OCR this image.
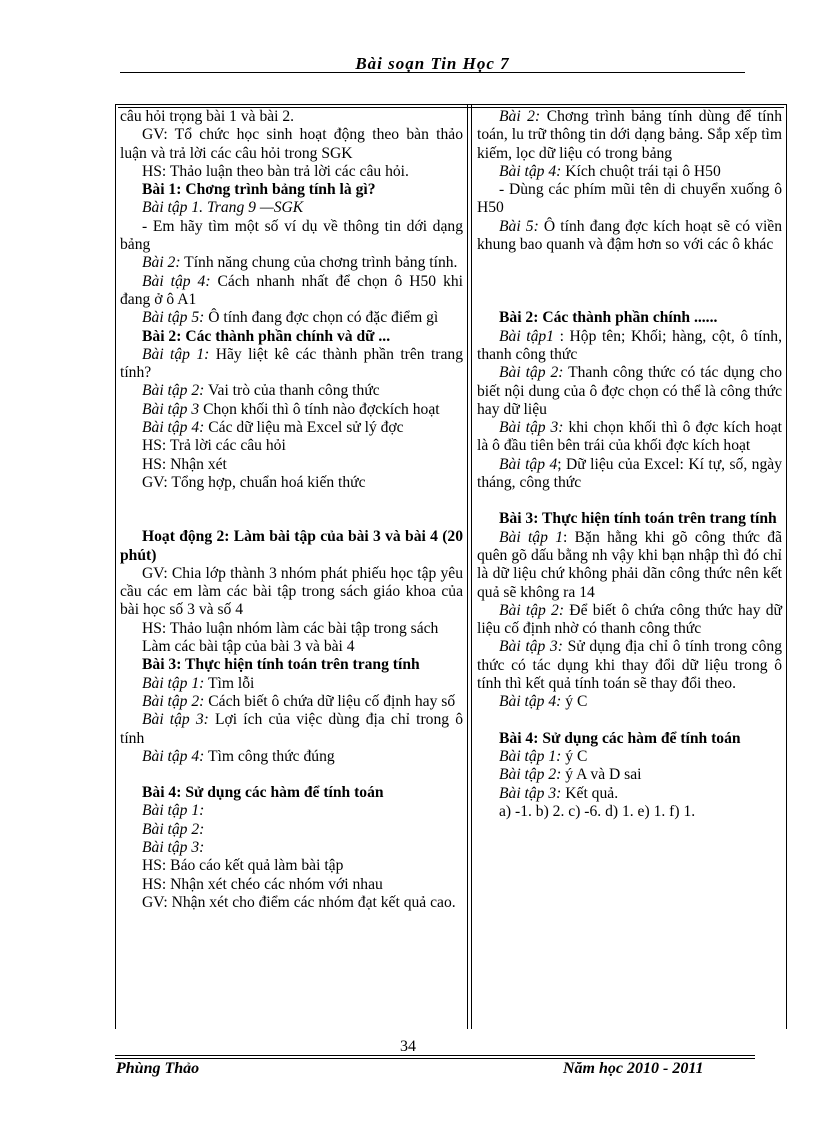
Bài soạn Tin Học 7

câu hỏi trọng bài 1 và bài 2.

GV: Tổ chức học sinh hoạt động theo bàn thảo luận và trả lời các câu hỏi trong SGK

HS: Thảo luận theo bàn trả lời các câu hỏi.

Bài 1: Chơng trình bảng tính là gì?

Bài tập 1. Trang 9 —SGK

- Em hãy tìm một số ví dụ về thông tin dới dạng bảng

Bài 2: Tính năng chung của chơng trình bảng tính.

Bài tập 4: Cách nhanh nhất để chọn ô H50 khi đang ở ô A1

Bài tập 5: Ô tính đang đợc chọn có đặc điểm gì

Bài 2: Các thành phần chính và dữ ...

Bài tập 1: Hãy liệt kê các thành phần trên trang tính?

Bài tập 2: Vai trò của thanh công thức

Bài tập 3 Chọn khối thì ô tính nào đợckích hoạt

Bài tập 4: Các dữ liệu mà Excel sử lý đợc

HS: Trả lời các câu hỏi

HS: Nhận xét

GV: Tổng hợp, chuẩn hoá kiến thức

Hoạt động 2: Làm bài tập của bài 3 và bài 4 (20 phút)

GV: Chia lớp thành 3 nhóm phát phiếu học tập yêu cầu các em làm các bài tập trong sách giáo khoa của bài học số 3 và số 4

HS: Thảo luận nhóm làm các bài tập trong sách

Làm các bài tập của bài 3 và bài 4

Bài 3: Thực hiện tính toán trên trang tính

Bài tập 1: Tìm lỗi

Bài tập 2: Cách biết ô chứa dữ liệu cố định hay số

Bài tập 3: Lợi ích của việc dùng địa chỉ trong ô tính

Bài tập 4: Tìm công thức đúng

Bài 4: Sử dụng các hàm để tính toán

Bài tập 1:

Bài tập 2:

Bài tập 3:

HS: Báo cáo kết quả làm bài tập

HS: Nhận xét chéo các nhóm với nhau

GV: Nhận xét cho điểm các nhóm đạt kết quả cao.

Bài 2: Chơng trình bảng tính dùng để tính toán, lu trữ thông tin dới dạng bảng. Sắp xếp tìm kiếm, lọc dữ liệu có trong bảng

Bài tập 4: Kích chuột trái tại ô H50

- Dùng các phím mũi tên di chuyển xuống ô H50

Bài 5: Ô tính đang đợc kích hoạt sẽ có viền khung bao quanh và đậm hơn so với các ô khác

Bài 2: Các thành phần chính ......

Bài tập1 : Hộp tên; Khối; hàng, cột, ô tính, thanh công thức

Bài tập 2: Thanh công thức có tác dụng cho biết nội dung của ô đợc chọn có thể là công thức hay dữ liệu

Bài tập 3: khi chọn khối thì ô đợc kích hoạt là ô đầu tiên bên trái của khối đợc kích hoạt

Bài tập 4; Dữ liệu của Excel: Kí tự, số, ngày tháng, công thức

Bài 3: Thực hiện tính toán trên trang tính

Bài tập 1: Bặn hằng khi gõ công thức đã quên gõ dấu bằng nh vậy khi bạn nhập thì đó chỉ là dữ liệu chứ không phải dãn công thức nên kết quả sẽ không ra 14

Bài tập 2: Để biết ô chứa công thức hay dữ liệu cố định nhờ có thanh công thức

Bài tập 3: Sử dụng địa chỉ ô tính trong công thức có tác dụng khi thay đổi dữ liệu trong ô tính thì kết quả tính toán sẽ thay đổi theo.

Bài tập 4: ý C

Bài 4: Sử dụng các hàm để tính toán

Bài tập 1: ý C

Bài tập 2: ý A và D sai

Bài tập 3: Kết quả.

a) -1. b) 2. c) -6. d) 1. e) 1. f) 1.

34
Phùng Thảo	Năm học 2010 - 2011
